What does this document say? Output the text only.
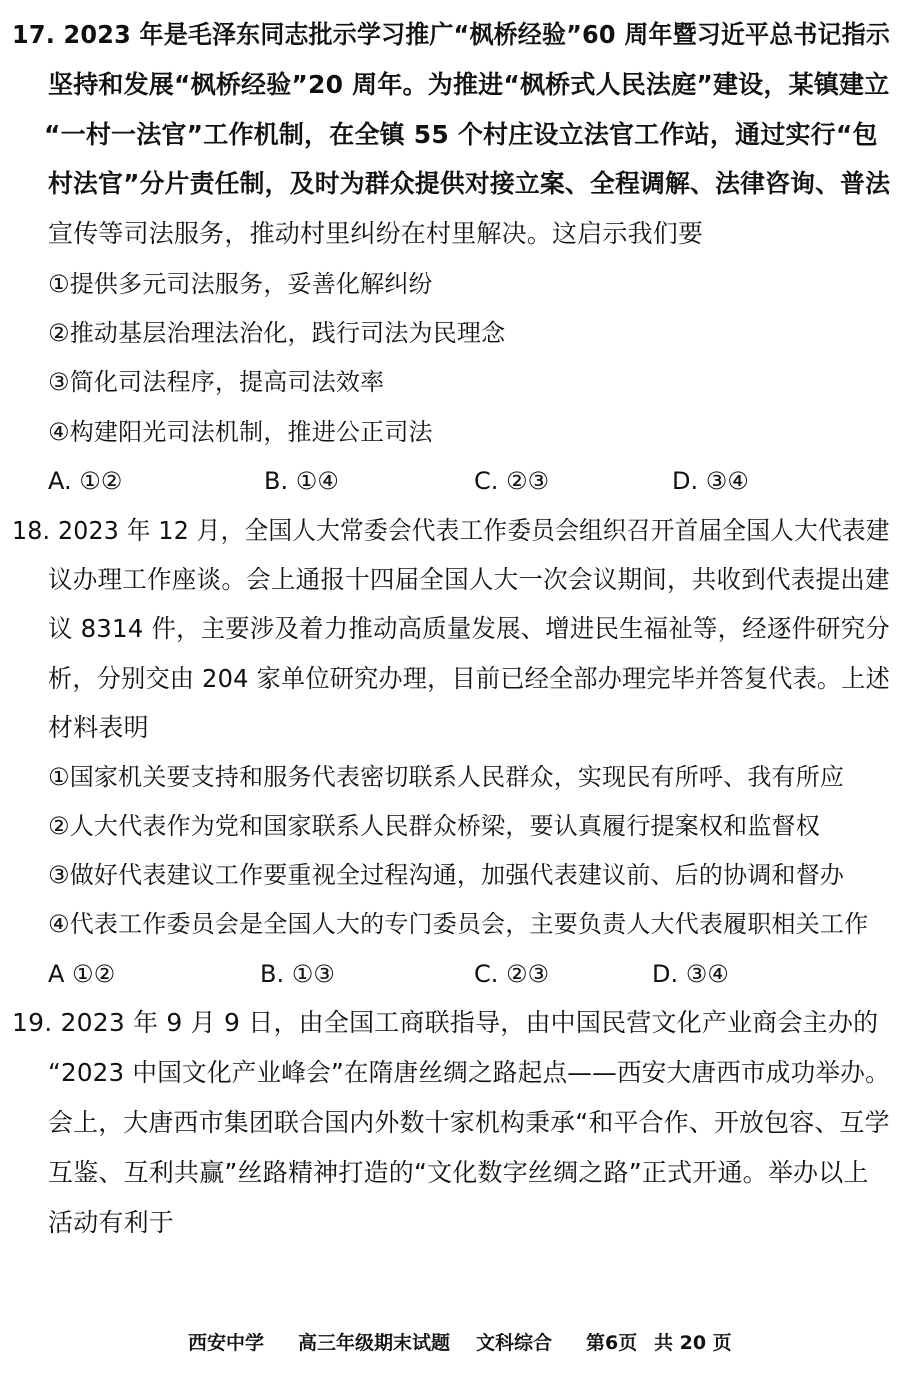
17. 2023 年是毛泽东同志批示学习推广“枫桥经验”60 周年暨习近平总书记指示
坚持和发展“枫桥经验”20 周年。为推进“枫桥式人民法庭”建设，某镇建立
“一村一法官”工作机制，在全镇 55 个村庄设立法官工作站，通过实行“包
村法官”分片责任制，及时为群众提供对接立案、全程调解、法律咨询、普法
宣传等司法服务，推动村里纠纷在村里解决。这启示我们要
①提供多元司法服务，妥善化解纠纷
②推动基层治理法治化，践行司法为民理念
③简化司法程序，提高司法效率
④构建阳光司法机制，推进公正司法
A. ①②	B. ①④	C. ②③	D. ③④
18. 2023 年 12 月，全国人大常委会代表工作委员会组织召开首届全国人大代表建
议办理工作座谈。会上通报十四届全国人大一次会议期间，共收到代表提出建
议 8314 件，主要涉及着力推动高质量发展、增进民生福祉等，经逐件研究分
析，分别交由 204 家单位研究办理，目前已经全部办理完毕并答复代表。上述
材料表明
①国家机关要支持和服务代表密切联系人民群众，实现民有所呼、我有所应
②人大代表作为党和国家联系人民群众桥梁，要认真履行提案权和监督权
③做好代表建议工作要重视全过程沟通，加强代表建议前、后的协调和督办
④代表工作委员会是全国人大的专门委员会，主要负责人大代表履职相关工作
A ①②	B. ①③	C. ②③	D. ③④
19. 2023 年 9 月 9 日，由全国工商联指导，由中国民营文化产业商会主办的
“2023 中国文化产业峰会”在隋唐丝绸之路起点——西安大唐西市成功举办。
会上，大唐西市集团联合国内外数十家机构秉承“和平合作、开放包容、互学
互鉴、互利共赢”丝路精神打造的“文化数字丝绸之路”正式开通。举办以上
活动有利于
西安中学 高三年级期末试题 文科综合 第6页 共 20 页
